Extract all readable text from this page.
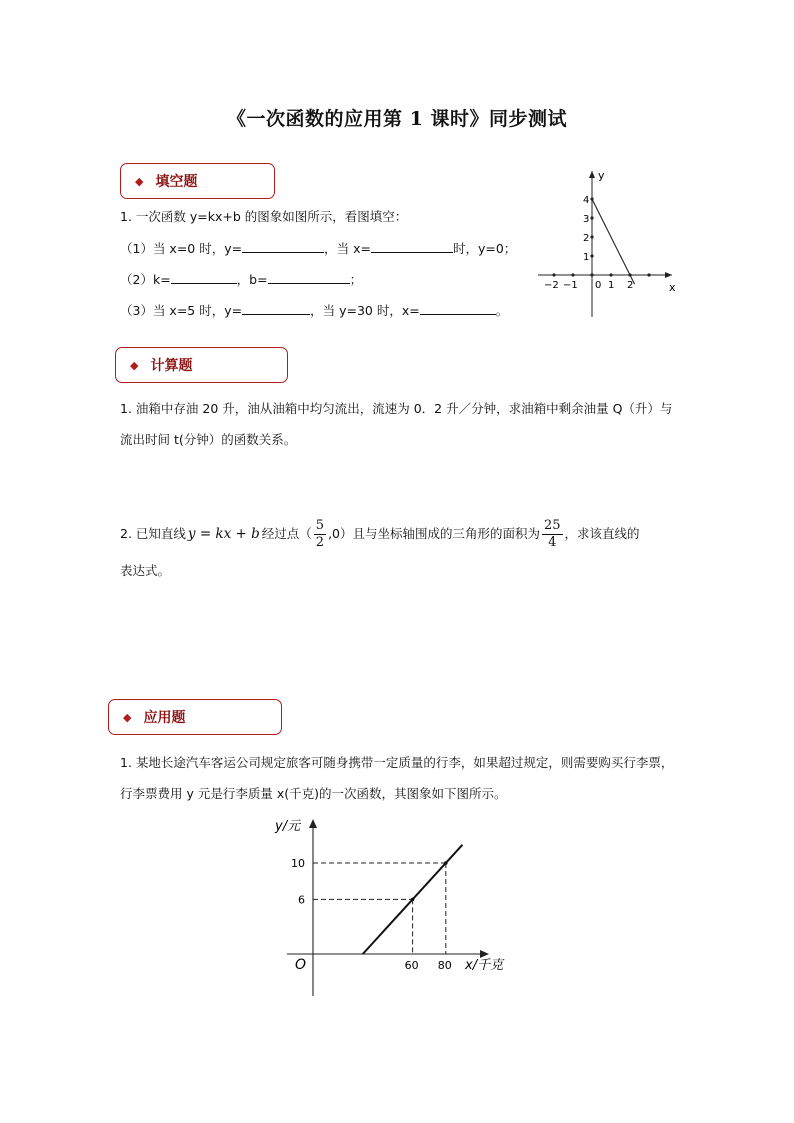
《一次函数的应用第 1 课时》同步测试
◆ 填空题
1. 一次函数 y=kx+b 的图象如图所示，看图填空：
（1）当 x=0 时，y=	，当 x=	时，y=0；
（2）k=	，b=	；
（3）当 x=5 时，y=	，当 y=30 时，x=	。
x
y
−2 −1 0 1 2
1
2
3
4
◆ 计算题
1. 油箱中存油 20 升，油从油箱中均匀流出，流速为 0．2 升／分钟，求油箱中剩余油量 Q（升）与流出时间 t(分钟）的函数关系。
2. 已知直线 y = kx + b 经过点（ $\frac{5}{2} ,0$）且与坐标轴围成的三角形的面积为 $\frac{25}{4}$ ，求该直线的
表达式。
◆ 应用题
1. 某地长途汽车客运公司规定旅客可随身携带一定质量的行李，如果超过规定，则需要购买行李票，行李票费用 y 元是行李质量 x(千克)的一次函数，其图象如下图所示。
y/元
x/千克
O	60 80
6
10
